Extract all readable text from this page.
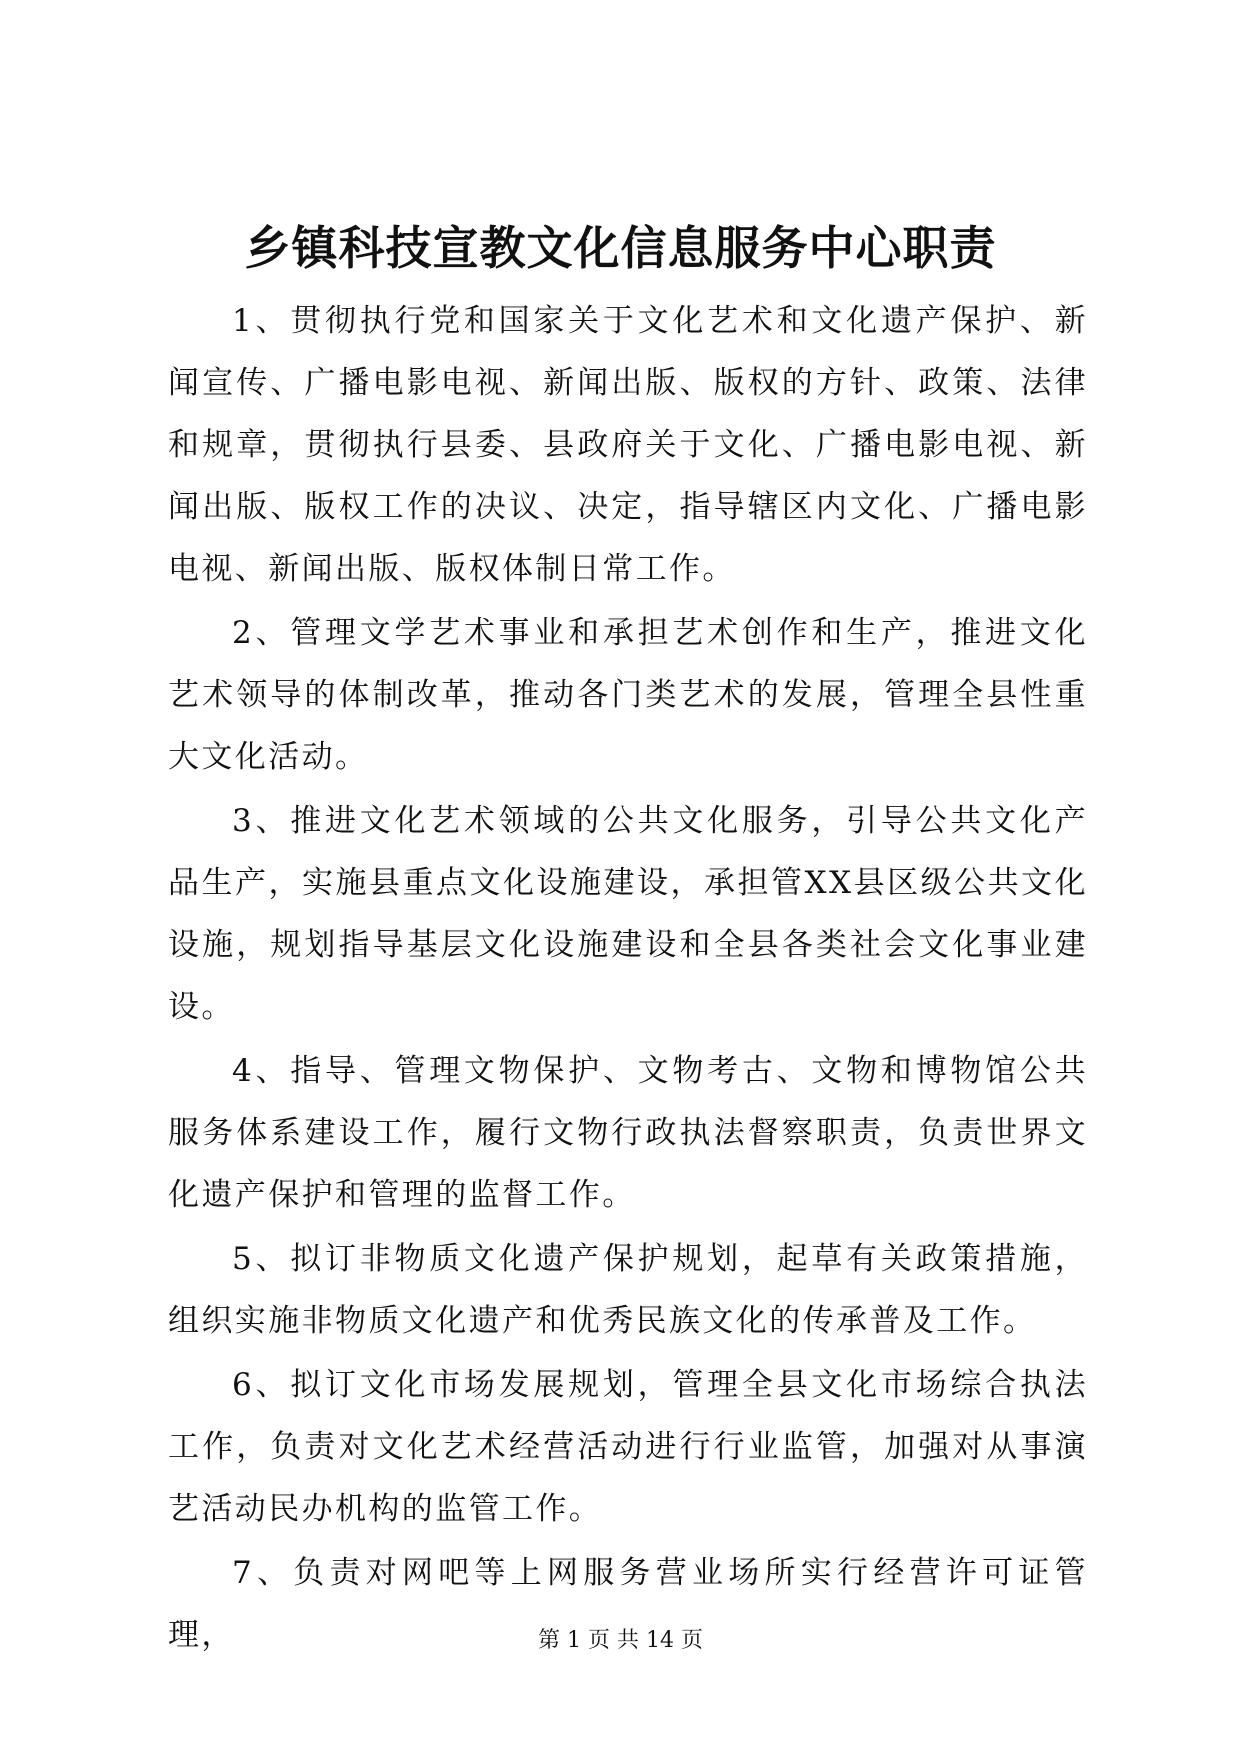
乡镇科技宣教文化信息服务中心职责

1、贯彻执行党和国家关于文化艺术和文化遗产保护、新闻宣传、广播电影电视、新闻出版、版权的方针、政策、法律和规章，贯彻执行县委、县政府关于文化、广播电影电视、新闻出版、版权工作的决议、决定，指导辖区内文化、广播电影电视、新闻出版、版权体制日常工作。

2、管理文学艺术事业和承担艺术创作和生产，推进文化艺术领导的体制改革，推动各门类艺术的发展，管理全县性重大文化活动。

3、推进文化艺术领域的公共文化服务，引导公共文化产品生产，实施县重点文化设施建设，承担管XX县区级公共文化设施，规划指导基层文化设施建设和全县各类社会文化事业建设。

4、指导、管理文物保护、文物考古、文物和博物馆公共服务体系建设工作，履行文物行政执法督察职责，负责世界文化遗产保护和管理的监督工作。

5、拟订非物质文化遗产保护规划，起草有关政策措施，组织实施非物质文化遗产和优秀民族文化的传承普及工作。

6、拟订文化市场发展规划，管理全县文化市场综合执法工作，负责对文化艺术经营活动进行行业监管，加强对从事演艺活动民办机构的监管工作。

7、负责对网吧等上网服务营业场所实行经营许可证管理，	第 1 页 共 14 页
